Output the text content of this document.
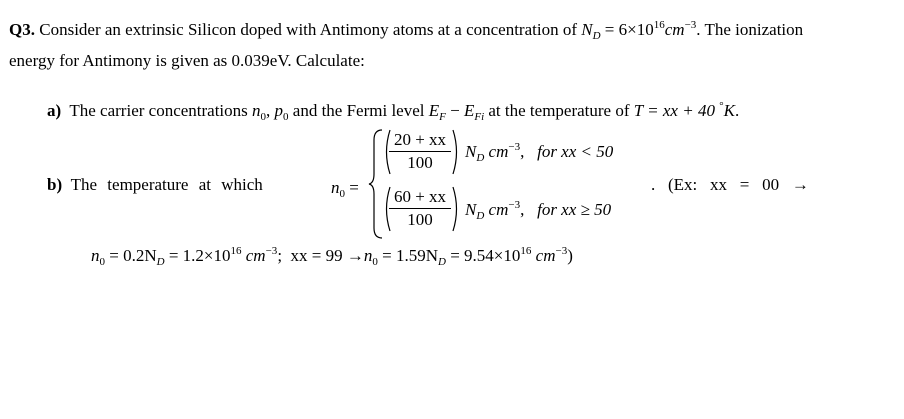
Q3. Consider an extrinsic Silicon doped with Antimony atoms at a concentration of $N_D = 6\times 10^{16}cm^{-3}$. The ionization
energy for Antimony is given as 0.039eV. Calculate:
a) The carrier concentrations $n_0$, $p_0$ and the Fermi level $E_F - E_{Fi}$ at the temperature of T = xx + 40 °K.
b) The temperature at which	$n_0$ =
$\frac{20 + xx}{100} N_D$ $cm^{-3}$,   for xx < 50
$\frac{60 + xx}{100} N_D$ $cm^{-3}$,   for xx ≥ 50
.   (Ex:   xx   =   00   →
$n_0 = 0.2N_D = 1.2\times 10^{16}$ $cm^{-3}$; xx = $99 \to n_0 = 1.59N_D = 9.54\times 10^{16}$ $cm^{-3}$)
